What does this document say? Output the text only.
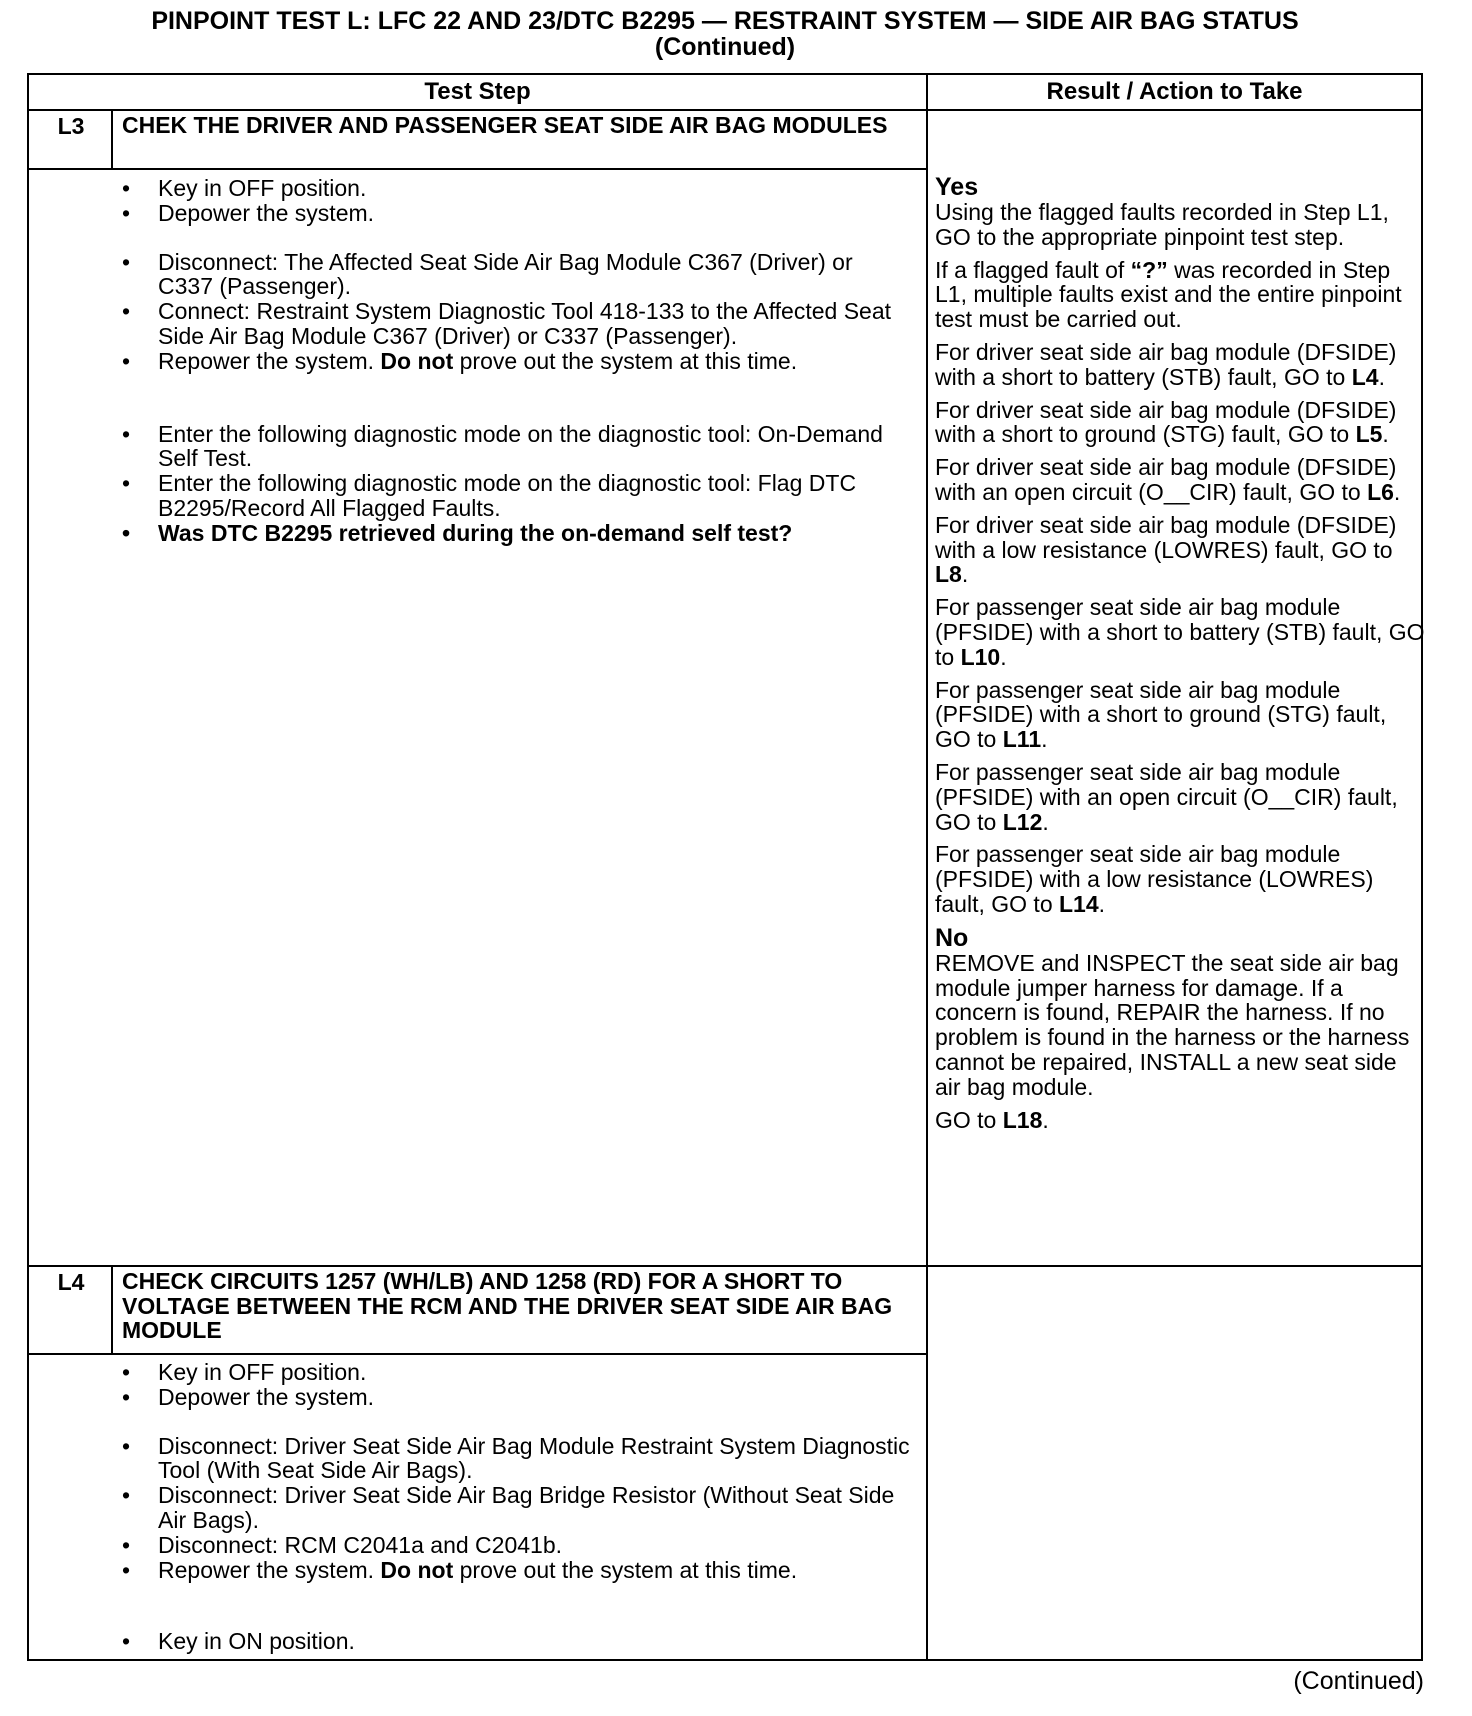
PINPOINT TEST L: LFC 22 AND 23/DTC B2295 — RESTRAINT SYSTEM — SIDE AIR BAG STATUS
(Continued)
Test Step	Result / Action to Take
L3	CHEK THE DRIVER AND PASSENGER SEAT SIDE AIR BAG MODULES
• Key in OFF position.
• Depower the system.
• Disconnect: The Affected Seat Side Air Bag Module C367 (Driver) or C337 (Passenger).
• Connect: Restraint System Diagnostic Tool 418-133 to the Affected Seat Side Air Bag Module C367 (Driver) or C337 (Passenger).
• Repower the system. Do not prove out the system at this time.
• Enter the following diagnostic mode on the diagnostic tool: On-Demand Self Test.
• Enter the following diagnostic mode on the diagnostic tool: Flag DTC B2295/Record All Flagged Faults.
• Was DTC B2295 retrieved during the on-demand self test?
Yes

Using the flagged faults recorded in Step L1, GO to the appropriate pinpoint test step.

If a flagged fault of “?” was recorded in Step L1, multiple faults exist and the entire pinpoint test must be carried out.

For driver seat side air bag module (DFSIDE) with a short to battery (STB) fault, GO to L4.

For driver seat side air bag module (DFSIDE) with a short to ground (STG) fault, GO to L5.

For driver seat side air bag module (DFSIDE) with an open circuit (O__CIR) fault, GO to L6.

For driver seat side air bag module (DFSIDE) with a low resistance (LOWRES) fault, GO to L8.

For passenger seat side air bag module (PFSIDE) with a short to battery (STB) fault, GO to L10.

For passenger seat side air bag module (PFSIDE) with a short to ground (STG) fault, GO to L11.

For passenger seat side air bag module (PFSIDE) with an open circuit (O__CIR) fault, GO to L12.

For passenger seat side air bag module (PFSIDE) with a low resistance (LOWRES) fault, GO to L14.

No

REMOVE and INSPECT the seat side air bag module jumper harness for damage. If a concern is found, REPAIR the harness. If no problem is found in the harness or the harness cannot be repaired, INSTALL a new seat side air bag module.

GO to L18.

L4	CHECK CIRCUITS 1257 (WH/LB) AND 1258 (RD) FOR A SHORT TO VOLTAGE BETWEEN THE RCM AND THE DRIVER SEAT SIDE AIR BAG MODULE
• Key in OFF position.
• Depower the system.
• Disconnect: Driver Seat Side Air Bag Module Restraint System Diagnostic Tool (With Seat Side Air Bags).
• Disconnect: Driver Seat Side Air Bag Bridge Resistor (Without Seat Side Air Bags).
• Disconnect: RCM C2041a and C2041b.
• Repower the system. Do not prove out the system at this time.
• Key in ON position.
(Continued)
